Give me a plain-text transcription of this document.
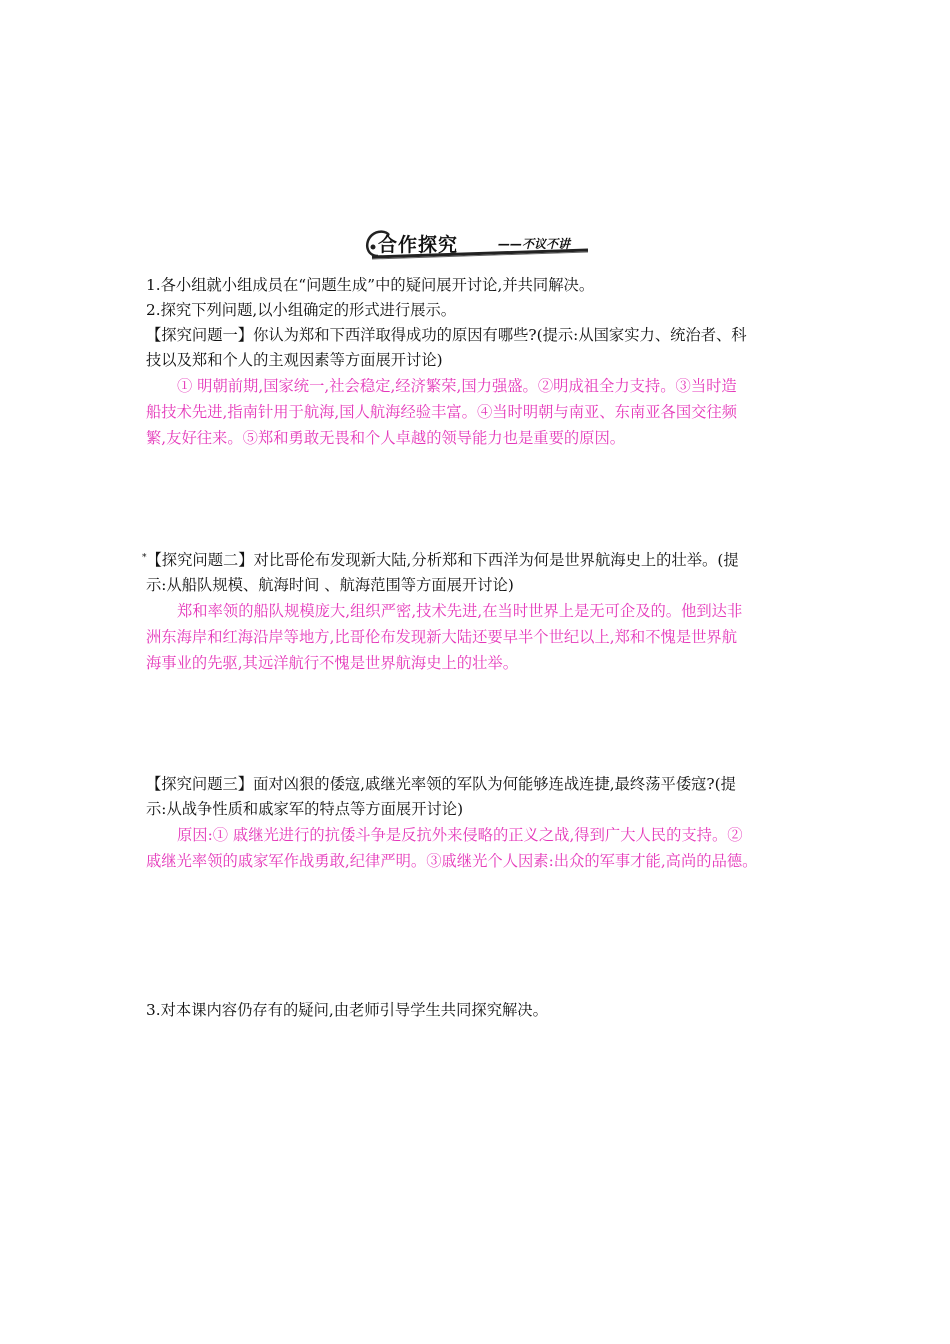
合作探究	——不议不讲
1.各小组就小组成员在“问题生成”中的疑问展开讨论,并共同解决。
2.探究下列问题,以小组确定的形式进行展示。
【探究问题一】你认为郑和下西洋取得成功的原因有哪些?(提示:从国家实力、统治者、科
技以及郑和个人的主观因素等方面展开讨论)
① 明朝前期,国家统一,社会稳定,经济繁荣,国力强盛。②明成祖全力支持。③当时造
船技术先进,指南针用于航海,国人航海经验丰富。④当时明朝与南亚、东南亚各国交往频
繁,友好往来。⑤郑和勇敢无畏和个人卓越的领导能力也是重要的原因。
*【探究问题二】对比哥伦布发现新大陆,分析郑和下西洋为何是世界航海史上的壮举。(提
示:从船队规模、航海时间 、航海范围等方面展开讨论)
郑和率领的船队规模庞大,组织严密,技术先进,在当时世界上是无可企及的。他到达非
洲东海岸和红海沿岸等地方,比哥伦布发现新大陆还要早半个世纪以上,郑和不愧是世界航
海事业的先驱,其远洋航行不愧是世界航海史上的壮举。
【探究问题三】面对凶狠的倭寇,戚继光率领的军队为何能够连战连捷,最终荡平倭寇?(提
示:从战争性质和戚家军的特点等方面展开讨论)
原因:① 戚继光进行的抗倭斗争是反抗外来侵略的正义之战,得到广大人民的支持。②
戚继光率领的戚家军作战勇敢,纪律严明。③戚继光个人因素:出众的军事才能,高尚的品德。
3.对本课内容仍存有的疑问,由老师引导学生共同探究解决。
